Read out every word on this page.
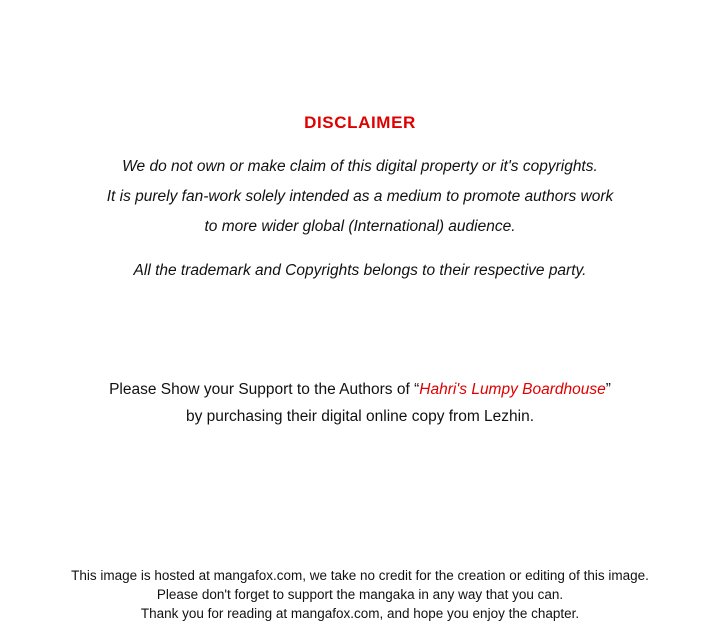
DISCLAIMER
We do not own or make claim of this digital property or it's copyrights.
It is purely fan-work solely intended as a medium to promote authors work
to more wider global (International) audience.
All the trademark and Copyrights belongs to their respective party.
Please Show your Support to the Authors of “Hahri's Lumpy Boardhouse”
by purchasing their digital online copy from Lezhin.
This image is hosted at mangafox.com, we take no credit for the creation or editing of this image.
Please don't forget to support the mangaka in any way that you can.
Thank you for reading at mangafox.com, and hope you enjoy the chapter.
